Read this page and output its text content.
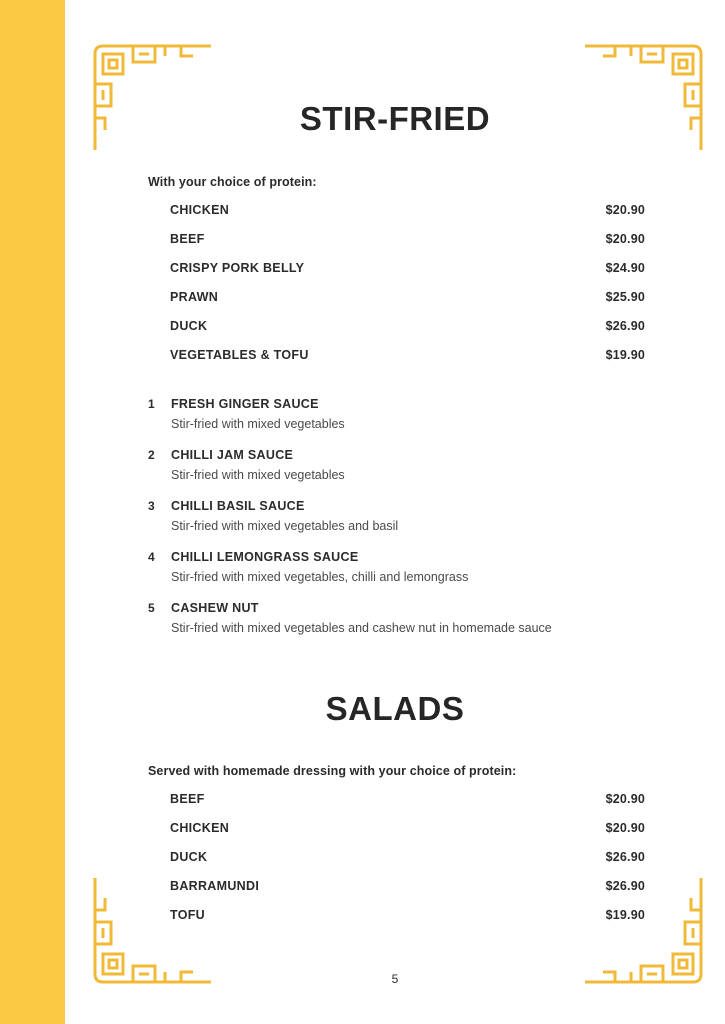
STIR-FRIED
With your choice of protein:
CHICKEN	$20.90
BEEF	$20.90
CRISPY PORK BELLY	$24.90
PRAWN	$25.90
DUCK	$26.90
VEGETABLES & TOFU	$19.90
1	FRESH GINGER SAUCE
Stir-fried with mixed vegetables
2	CHILLI JAM SAUCE
Stir-fried with mixed vegetables
3	CHILLI BASIL SAUCE
Stir-fried with mixed vegetables and basil
4	CHILLI LEMONGRASS SAUCE
Stir-fried with mixed vegetables, chilli and lemongrass
5	CASHEW NUT
Stir-fried with mixed vegetables and cashew nut in homemade sauce
SALADS
Served with homemade dressing with your choice of protein:
BEEF	$20.90
CHICKEN	$20.90
DUCK	$26.90
BARRAMUNDI	$26.90
TOFU	$19.90
5
